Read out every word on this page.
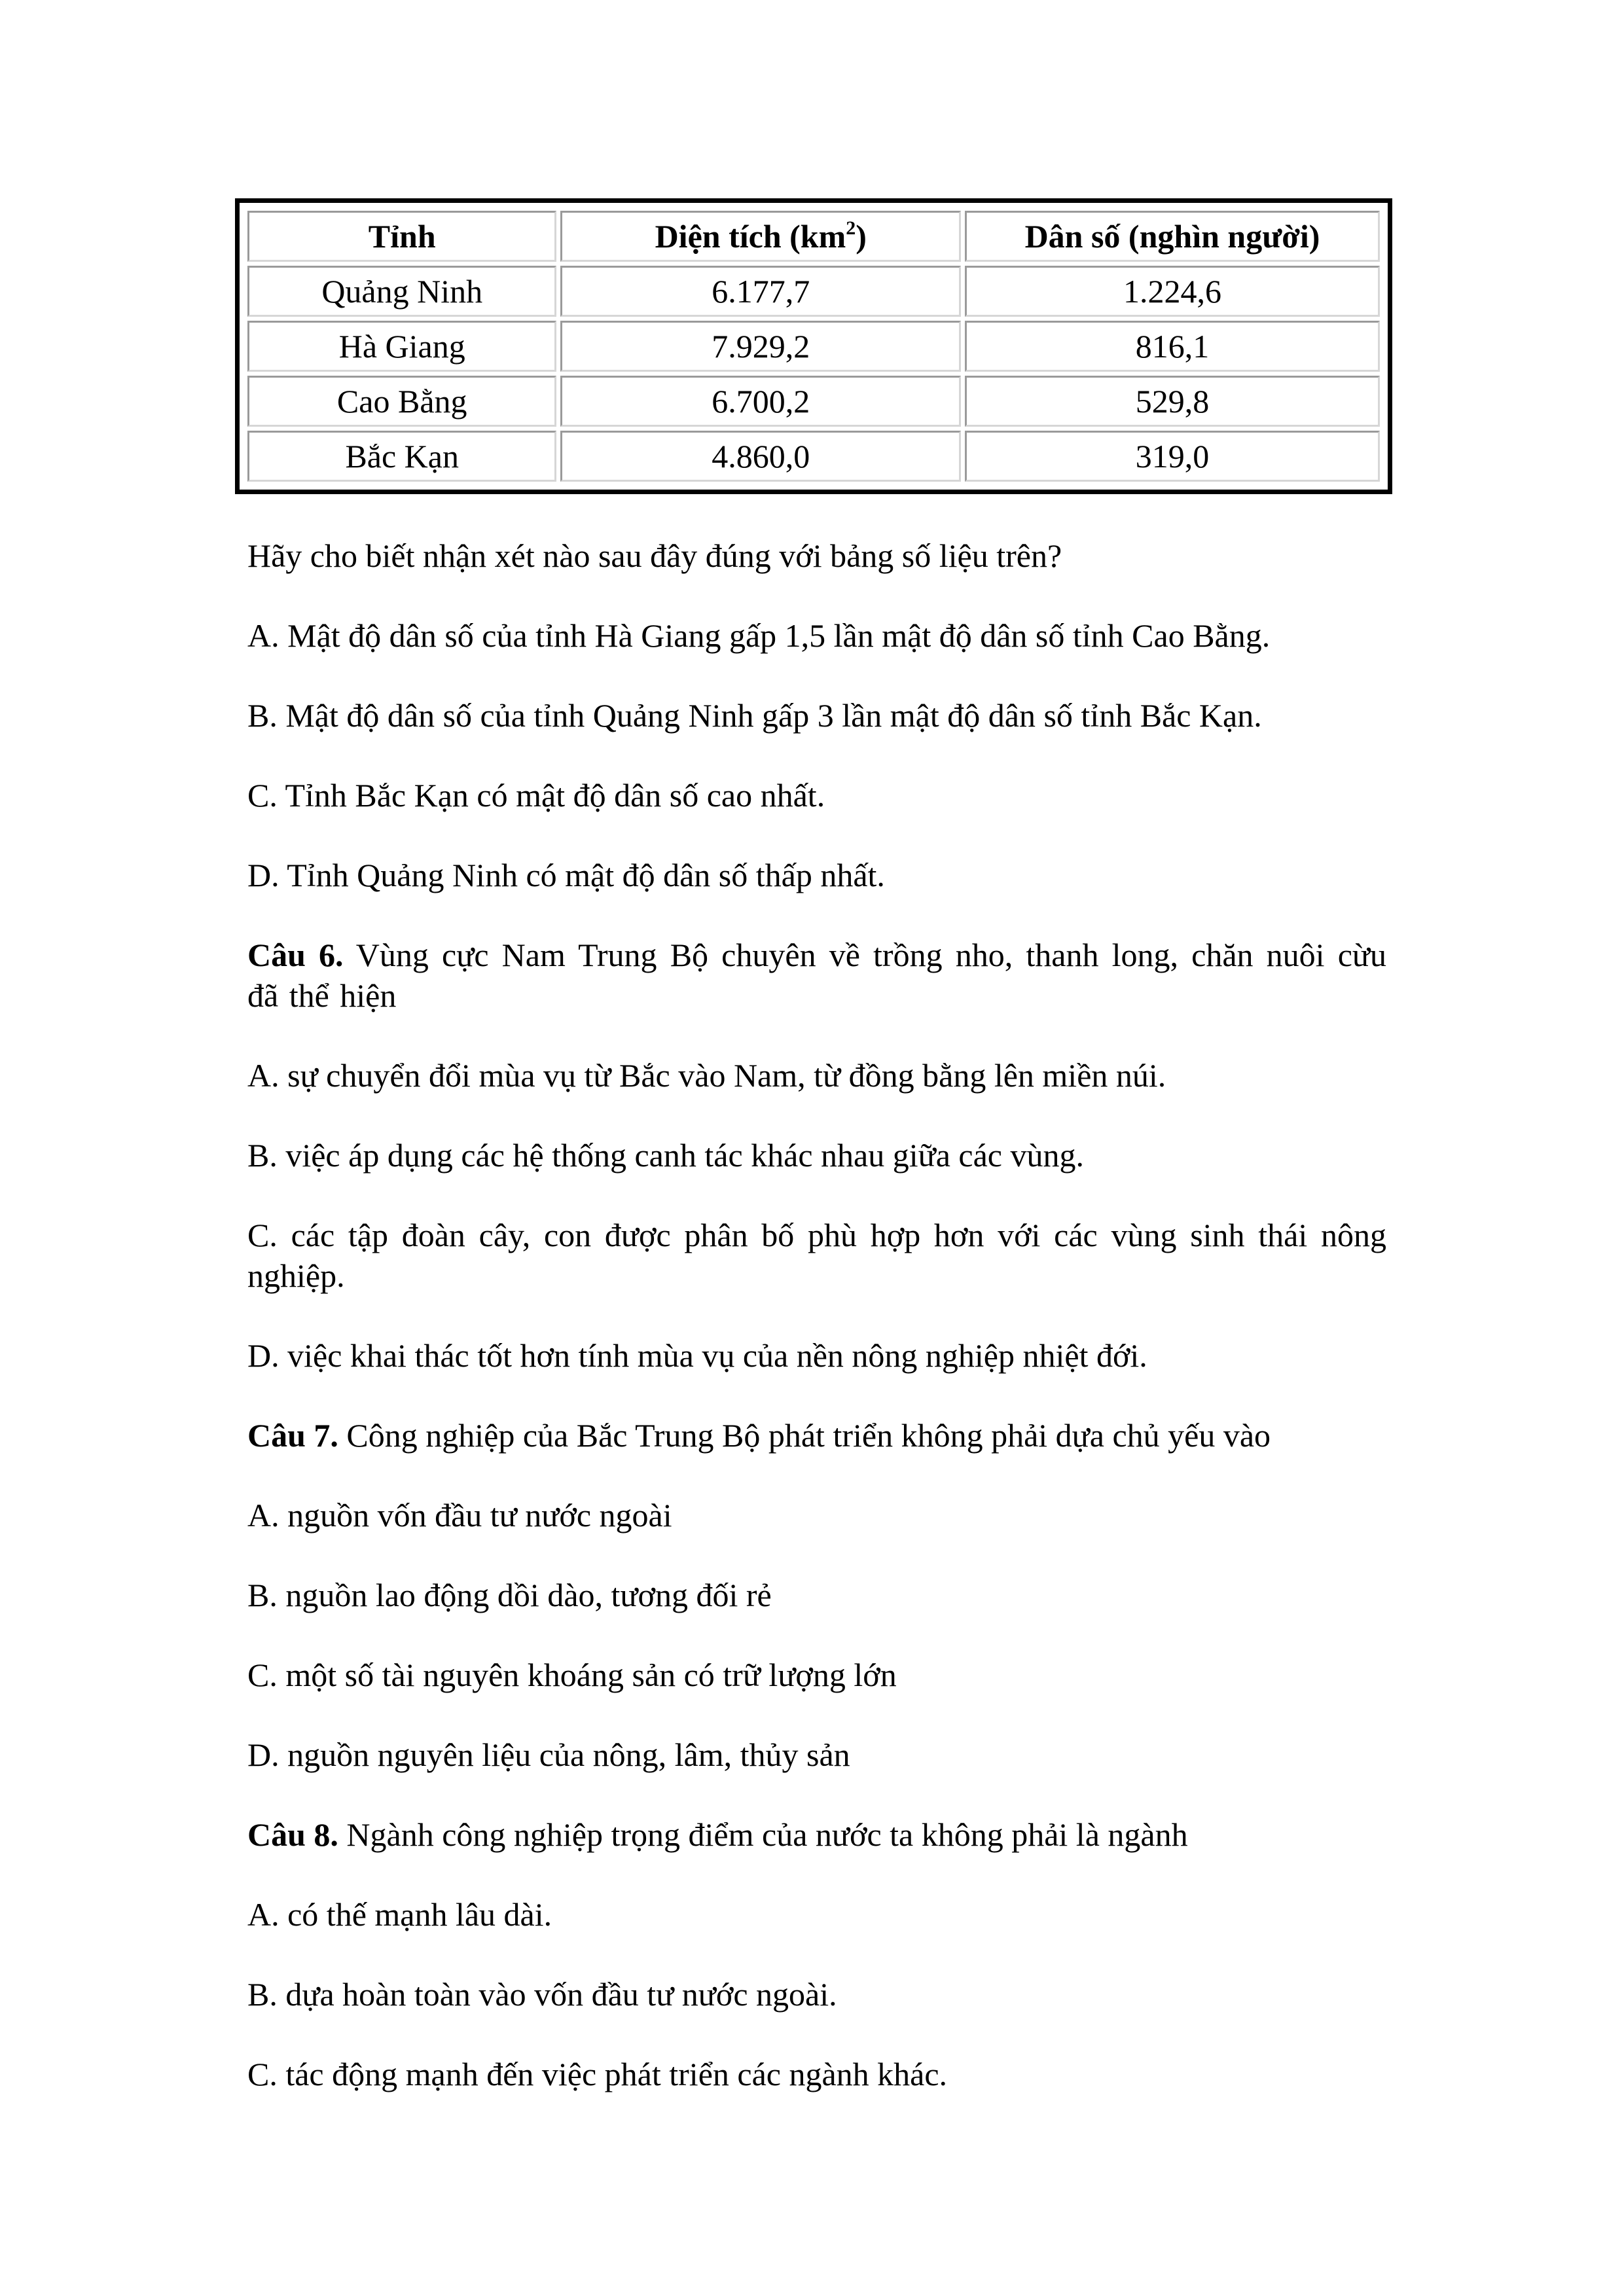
Tỉnh	Diện tích $(km^2)$	Dân số (nghìn người)
Quảng Ninh	6.177,7	1.224,6
Hà Giang	7.929,2	816,1
Cao Bằng	6.700,2	529,8
Bắc Kạn	4.860,0	319,0

Hãy cho biết nhận xét nào sau đây đúng với bảng số liệu trên?

A. Mật độ dân số của tỉnh Hà Giang gấp 1,5 lần mật độ dân số tỉnh Cao Bằng.

B. Mật độ dân số của tỉnh Quảng Ninh gấp 3 lần mật độ dân số tỉnh Bắc Kạn.

C. Tỉnh Bắc Kạn có mật độ dân số cao nhất.

D. Tỉnh Quảng Ninh có mật độ dân số thấp nhất.

Câu 6. Vùng cực Nam Trung Bộ chuyên về trồng nho, thanh long, chăn nuôi cừu đã thể hiện

A. sự chuyển đổi mùa vụ từ Bắc vào Nam, từ đồng bằng lên miền núi.

B. việc áp dụng các hệ thống canh tác khác nhau giữa các vùng.

C. các tập đoàn cây, con được phân bố phù hợp hơn với các vùng sinh thái nông nghiệp.

D. việc khai thác tốt hơn tính mùa vụ của nền nông nghiệp nhiệt đới.

Câu 7. Công nghiệp của Bắc Trung Bộ phát triển không phải dựa chủ yếu vào

A. nguồn vốn đầu tư nước ngoài

B. nguồn lao động dồi dào, tương đối rẻ

C. một số tài nguyên khoáng sản có trữ lượng lớn

D. nguồn nguyên liệu của nông, lâm, thủy sản

Câu 8. Ngành công nghiệp trọng điểm của nước ta không phải là ngành

A. có thế mạnh lâu dài.

B. dựa hoàn toàn vào vốn đầu tư nước ngoài.

C. tác động mạnh đến việc phát triển các ngành khác.
